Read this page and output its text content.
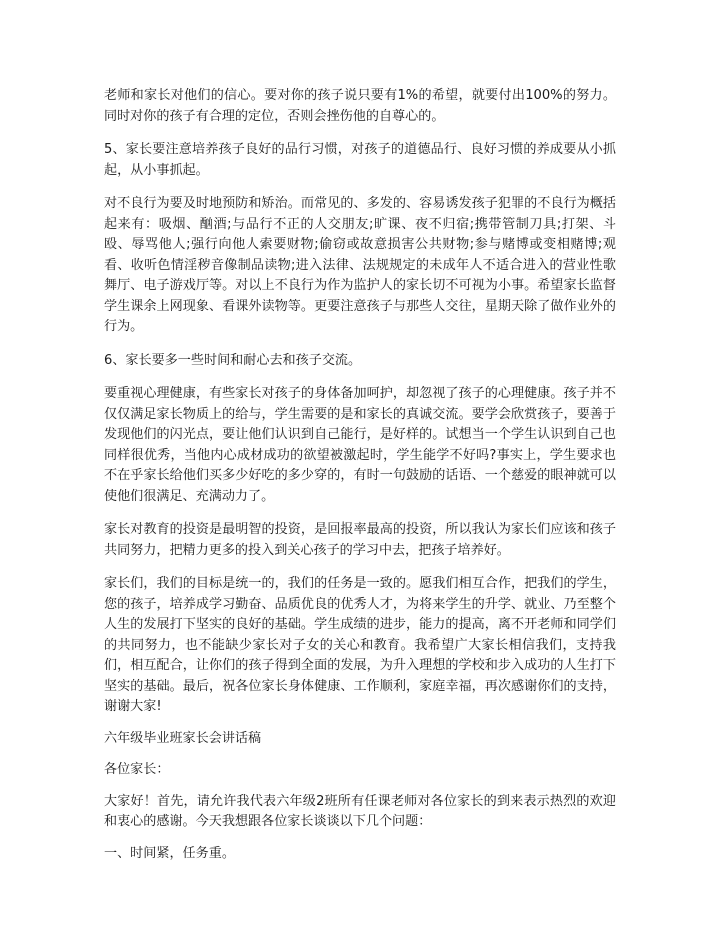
老师和家长对他们的信心。要对你的孩子说只要有1%的希望，就要付出100%的努力。同时对你的孩子有合理的定位，否则会挫伤他的自尊心的。

5、家长要注意培养孩子良好的品行习惯，对孩子的道德品行、良好习惯的养成要从小抓起，从小事抓起。

对不良行为要及时地预防和矫治。而常见的、多发的、容易诱发孩子犯罪的不良行为概括起来有：吸烟、酗酒;与品行不正的人交朋友;旷课、夜不归宿;携带管制刀具;打架、斗殴、辱骂他人;强行向他人索要财物;偷窃或故意损害公共财物;参与赌博或变相赌博;观看、收听色情淫秽音像制品读物;进入法律、法规规定的未成年人不适合进入的营业性歌舞厅、电子游戏厅等。对以上不良行为作为监护人的家长切不可视为小事。希望家长监督学生课余上网现象、看课外读物等。更要注意孩子与那些人交往，星期天除了做作业外的行为。

6、家长要多一些时间和耐心去和孩子交流。

要重视心理健康，有些家长对孩子的身体备加呵护，却忽视了孩子的心理健康。孩子并不仅仅满足家长物质上的给与，学生需要的是和家长的真诚交流。要学会欣赏孩子，要善于发现他们的闪光点，要让他们认识到自己能行，是好样的。试想当一个学生认识到自己也同样很优秀，当他内心成材成功的欲望被激起时，学生能学不好吗?事实上，学生要求也不在乎家长给他们买多少好吃的多少穿的，有时一句鼓励的话语、一个慈爱的眼神就可以使他们很满足、充满动力了。

家长对教育的投资是最明智的投资，是回报率最高的投资，所以我认为家长们应该和孩子共同努力，把精力更多的投入到关心孩子的学习中去，把孩子培养好。

家长们，我们的目标是统一的，我们的任务是一致的。愿我们相互合作，把我们的学生，您的孩子，培养成学习勤奋、品质优良的优秀人才，为将来学生的升学、就业、乃至整个人生的发展打下坚实的良好的基础。学生成绩的进步，能力的提高，离不开老师和同学们的共同努力，也不能缺少家长对子女的关心和教育。我希望广大家长相信我们，支持我们，相互配合，让你们的孩子得到全面的发展，为升入理想的学校和步入成功的人生打下坚实的基础。最后，祝各位家长身体健康、工作顺利，家庭幸福，再次感谢你们的支持，谢谢大家!

六年级毕业班家长会讲话稿

各位家长：

大家好！首先，请允许我代表六年级2班所有任课老师对各位家长的到来表示热烈的欢迎和衷心的感谢。今天我想跟各位家长谈谈以下几个问题：

一、时间紧，任务重。
